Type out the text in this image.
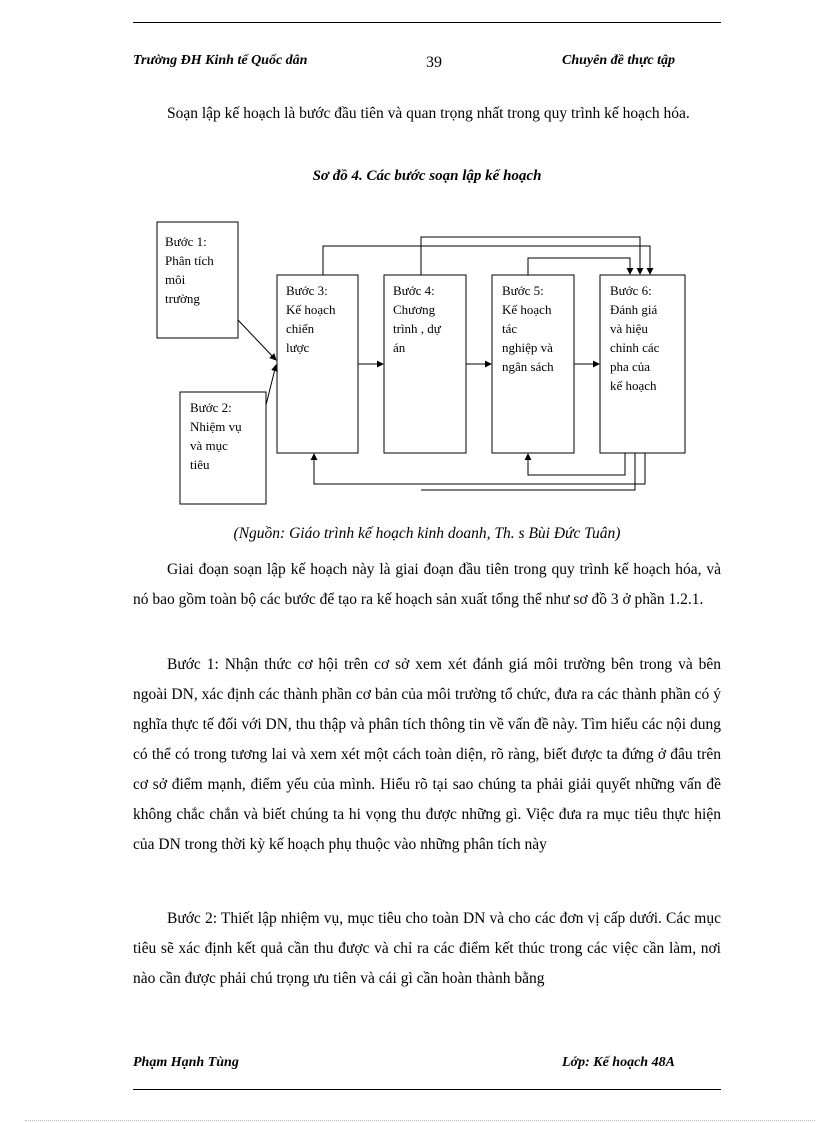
Trường ĐH Kinh tế Quốc dân	39	Chuyên đề thực tập
Soạn lập kế hoạch là bước đầu tiên và quan trọng nhất trong quy trình kế hoạch hóa.
Sơ đồ 4. Các bước soạn lập kế hoạch
Bước 1: Phân tích môi trường
Bước 2: Nhiệm vụ và mục tiêu
Bước 3: Kế hoạch chiến lược
Bước 4: Chương trình , dự án
Bước 5: Kế hoạch tác nghiệp và ngân sách
Bước 6: Đánh giá và hiệu chỉnh các pha của kế hoạch
(Nguồn: Giáo trình kế hoạch kinh doanh, Th. s Bùi Đức Tuân)
Giai đoạn soạn lập kế hoạch này là giai đoạn đầu tiên trong quy trình kế hoạch hóa, và nó bao gồm toàn bộ các bước để tạo ra kế hoạch sản xuất tổng thể như sơ đồ 3 ở phần 1.2.1.
Bước 1: Nhận thức cơ hội trên cơ sở xem xét đánh giá môi trường bên trong và bên ngoài DN, xác định các thành phần cơ bản của môi trường tổ chức, đưa ra các thành phần có ý nghĩa thực tế đối với DN, thu thập và phân tích thông tin về vấn đề này. Tìm hiểu các nội dung có thể có trong tương lai và xem xét một cách toàn diện, rõ ràng, biết được ta đứng ở đâu trên cơ sở điểm mạnh, điểm yếu của mình. Hiểu rõ tại sao chúng ta phải giải quyết những vấn đề không chắc chắn và biết chúng ta hi vọng thu được những gì. Việc đưa ra mục tiêu thực hiện của DN trong thời kỳ kế hoạch phụ thuộc vào những phân tích này
Bước 2: Thiết lập nhiệm vụ, mục tiêu cho toàn DN và cho các đơn vị cấp dưới. Các mục tiêu sẽ xác định kết quả cần thu được và chỉ ra các điểm kết thúc trong các việc cần làm, nơi nào cần được phải chú trọng ưu tiên và cái gì cần hoàn thành bằng
Phạm Hạnh Tùng	Lớp: Kế hoạch 48A
